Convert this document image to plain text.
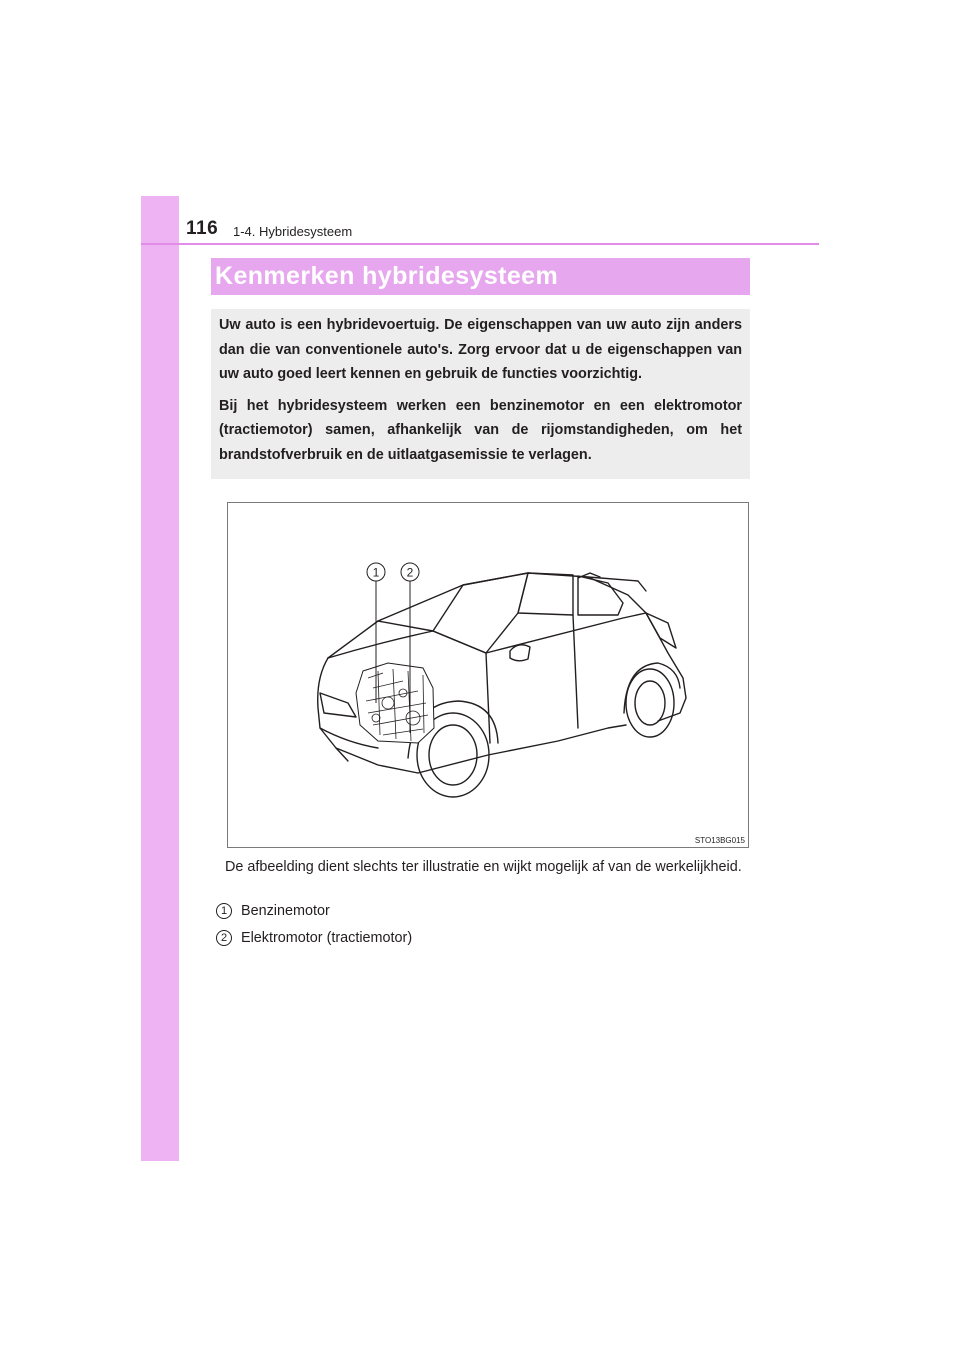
116 1-4. Hybridesysteem
Kenmerken hybridesysteem

Uw auto is een hybridevoertuig. De eigenschappen van uw auto zijn anders dan die van conventionele auto's. Zorg ervoor dat u de eigenschappen van uw auto goed leert kennen en gebruik de functies voorzichtig.

Bij het hybridesysteem werken een benzinemotor en een elektromotor (tractiemotor) samen, afhankelijk van de rijomstandigheden, om het brandstofverbruik en de uitlaatgasemissie te verlagen.

1 2
STO13BG015
De afbeelding dient slechts ter illustratie en wijkt mogelijk af van de werkelijkheid.
1 Benzinemotor
2 Elektromotor (tractiemotor)
